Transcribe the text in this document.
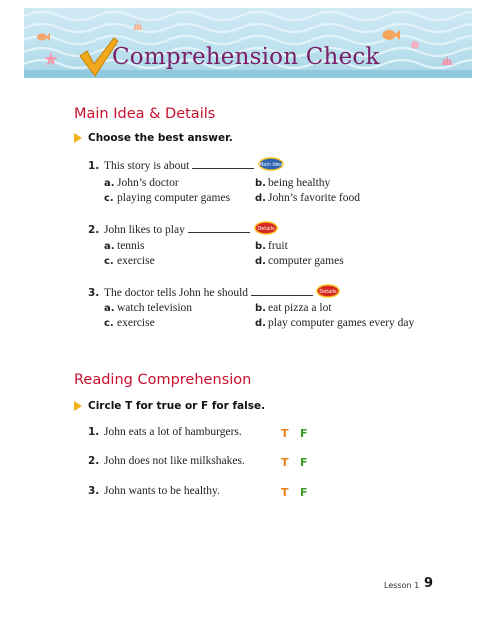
Comprehension Check
Main Idea & Details
Choose the best answer.
1. This story is about	Main Idea
a. John’s doctor	b. being healthy
c. playing computer games d. John’s favorite food
2. John likes to play	Details
a. tennis	b. fruit
c. exercise	d. computer games
3. The doctor tells John he should	Details
a. watch television	b. eat pizza a lot
c. exercise	d. play computer games every day
Reading Comprehension
Circle T for true or F for false.
1. John eats a lot of hamburgers.	T F
2. John does not like milkshakes.	T F
3. John wants to be healthy.	T F
Lesson 1 9
